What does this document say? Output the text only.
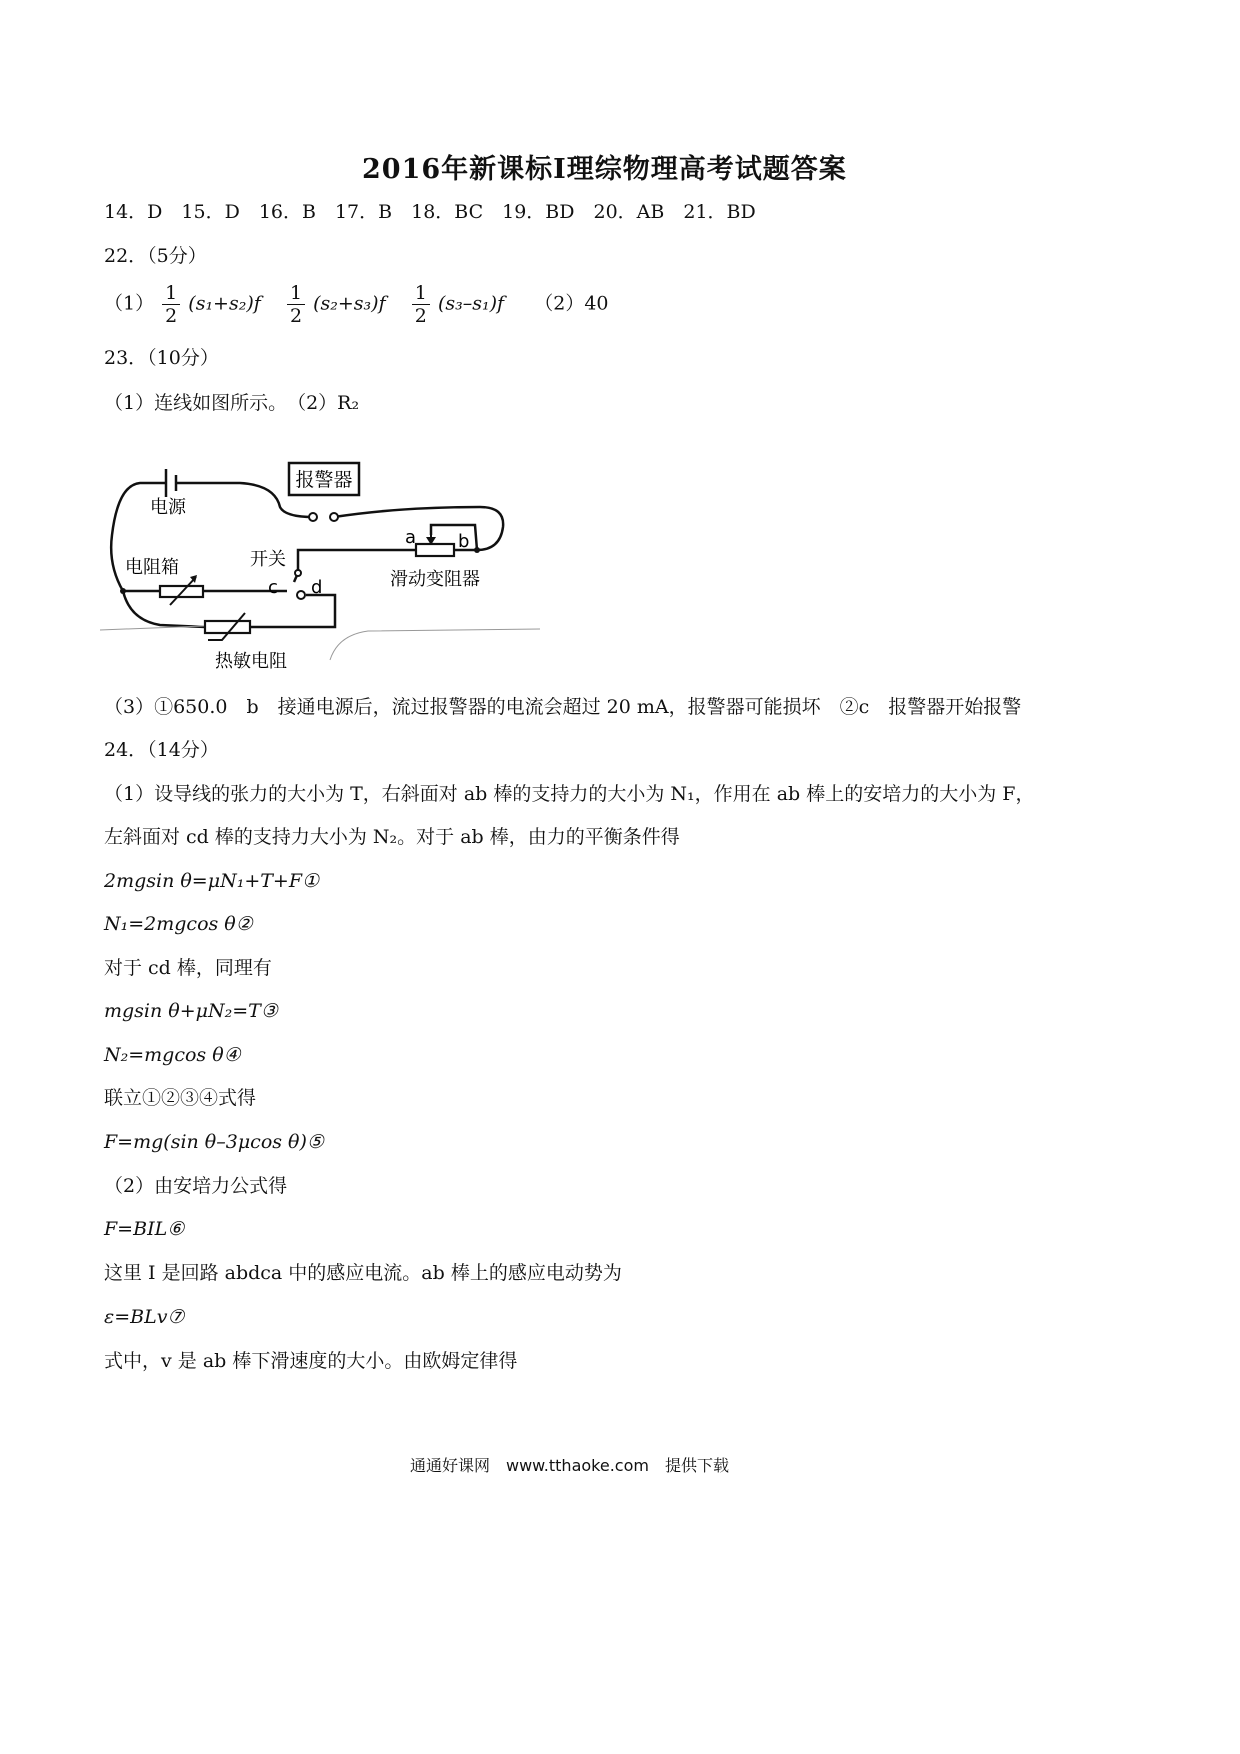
2016年新课标Ⅰ理综物理高考试题答案
14．D　15．D　16．B　17．B　18．BC　19．BD　20．AB　21．BD
22．（5分）
$(1) \frac{1}{2} (s_1+s_2)f \frac{1}{2} (s_2+s_3)f \frac{1}{2} (s_3-s_1)f$ （2）40
23．（10分）
（1）连线如图所示。　（2）R₂
报警器
电源
a b
滑动变阻器
开关
c d
电阻箱
热敏电阻
（3）①650.0　b　接通电源后，流过报警器的电流会超过 20 mA，报警器可能损坏　②c　报警器开始报警
24．（14分）
（1）设导线的张力的大小为 T，右斜面对 ab 棒的支持力的大小为 N₁，作用在 ab 棒上的安培力的大小为 F，
左斜面对 cd 棒的支持力大小为 N₂。对于 ab 棒，由力的平衡条件得
2mgsin θ=μN₁+T+F①
N₁=2mgcos θ②
对于 cd 棒，同理有
mgsin θ+μN₂=T③
N₂=mgcos θ④
联立①②③④式得
F=mg(sin θ–3μcos θ)⑤
（2）由安培力公式得
F=BIL⑥
这里 I 是回路 abdca 中的感应电流。ab 棒上的感应电动势为
ε=BLv⑦
式中，v 是 ab 棒下滑速度的大小。由欧姆定律得
通通好课网　www.tthaoke.com　提供下载
